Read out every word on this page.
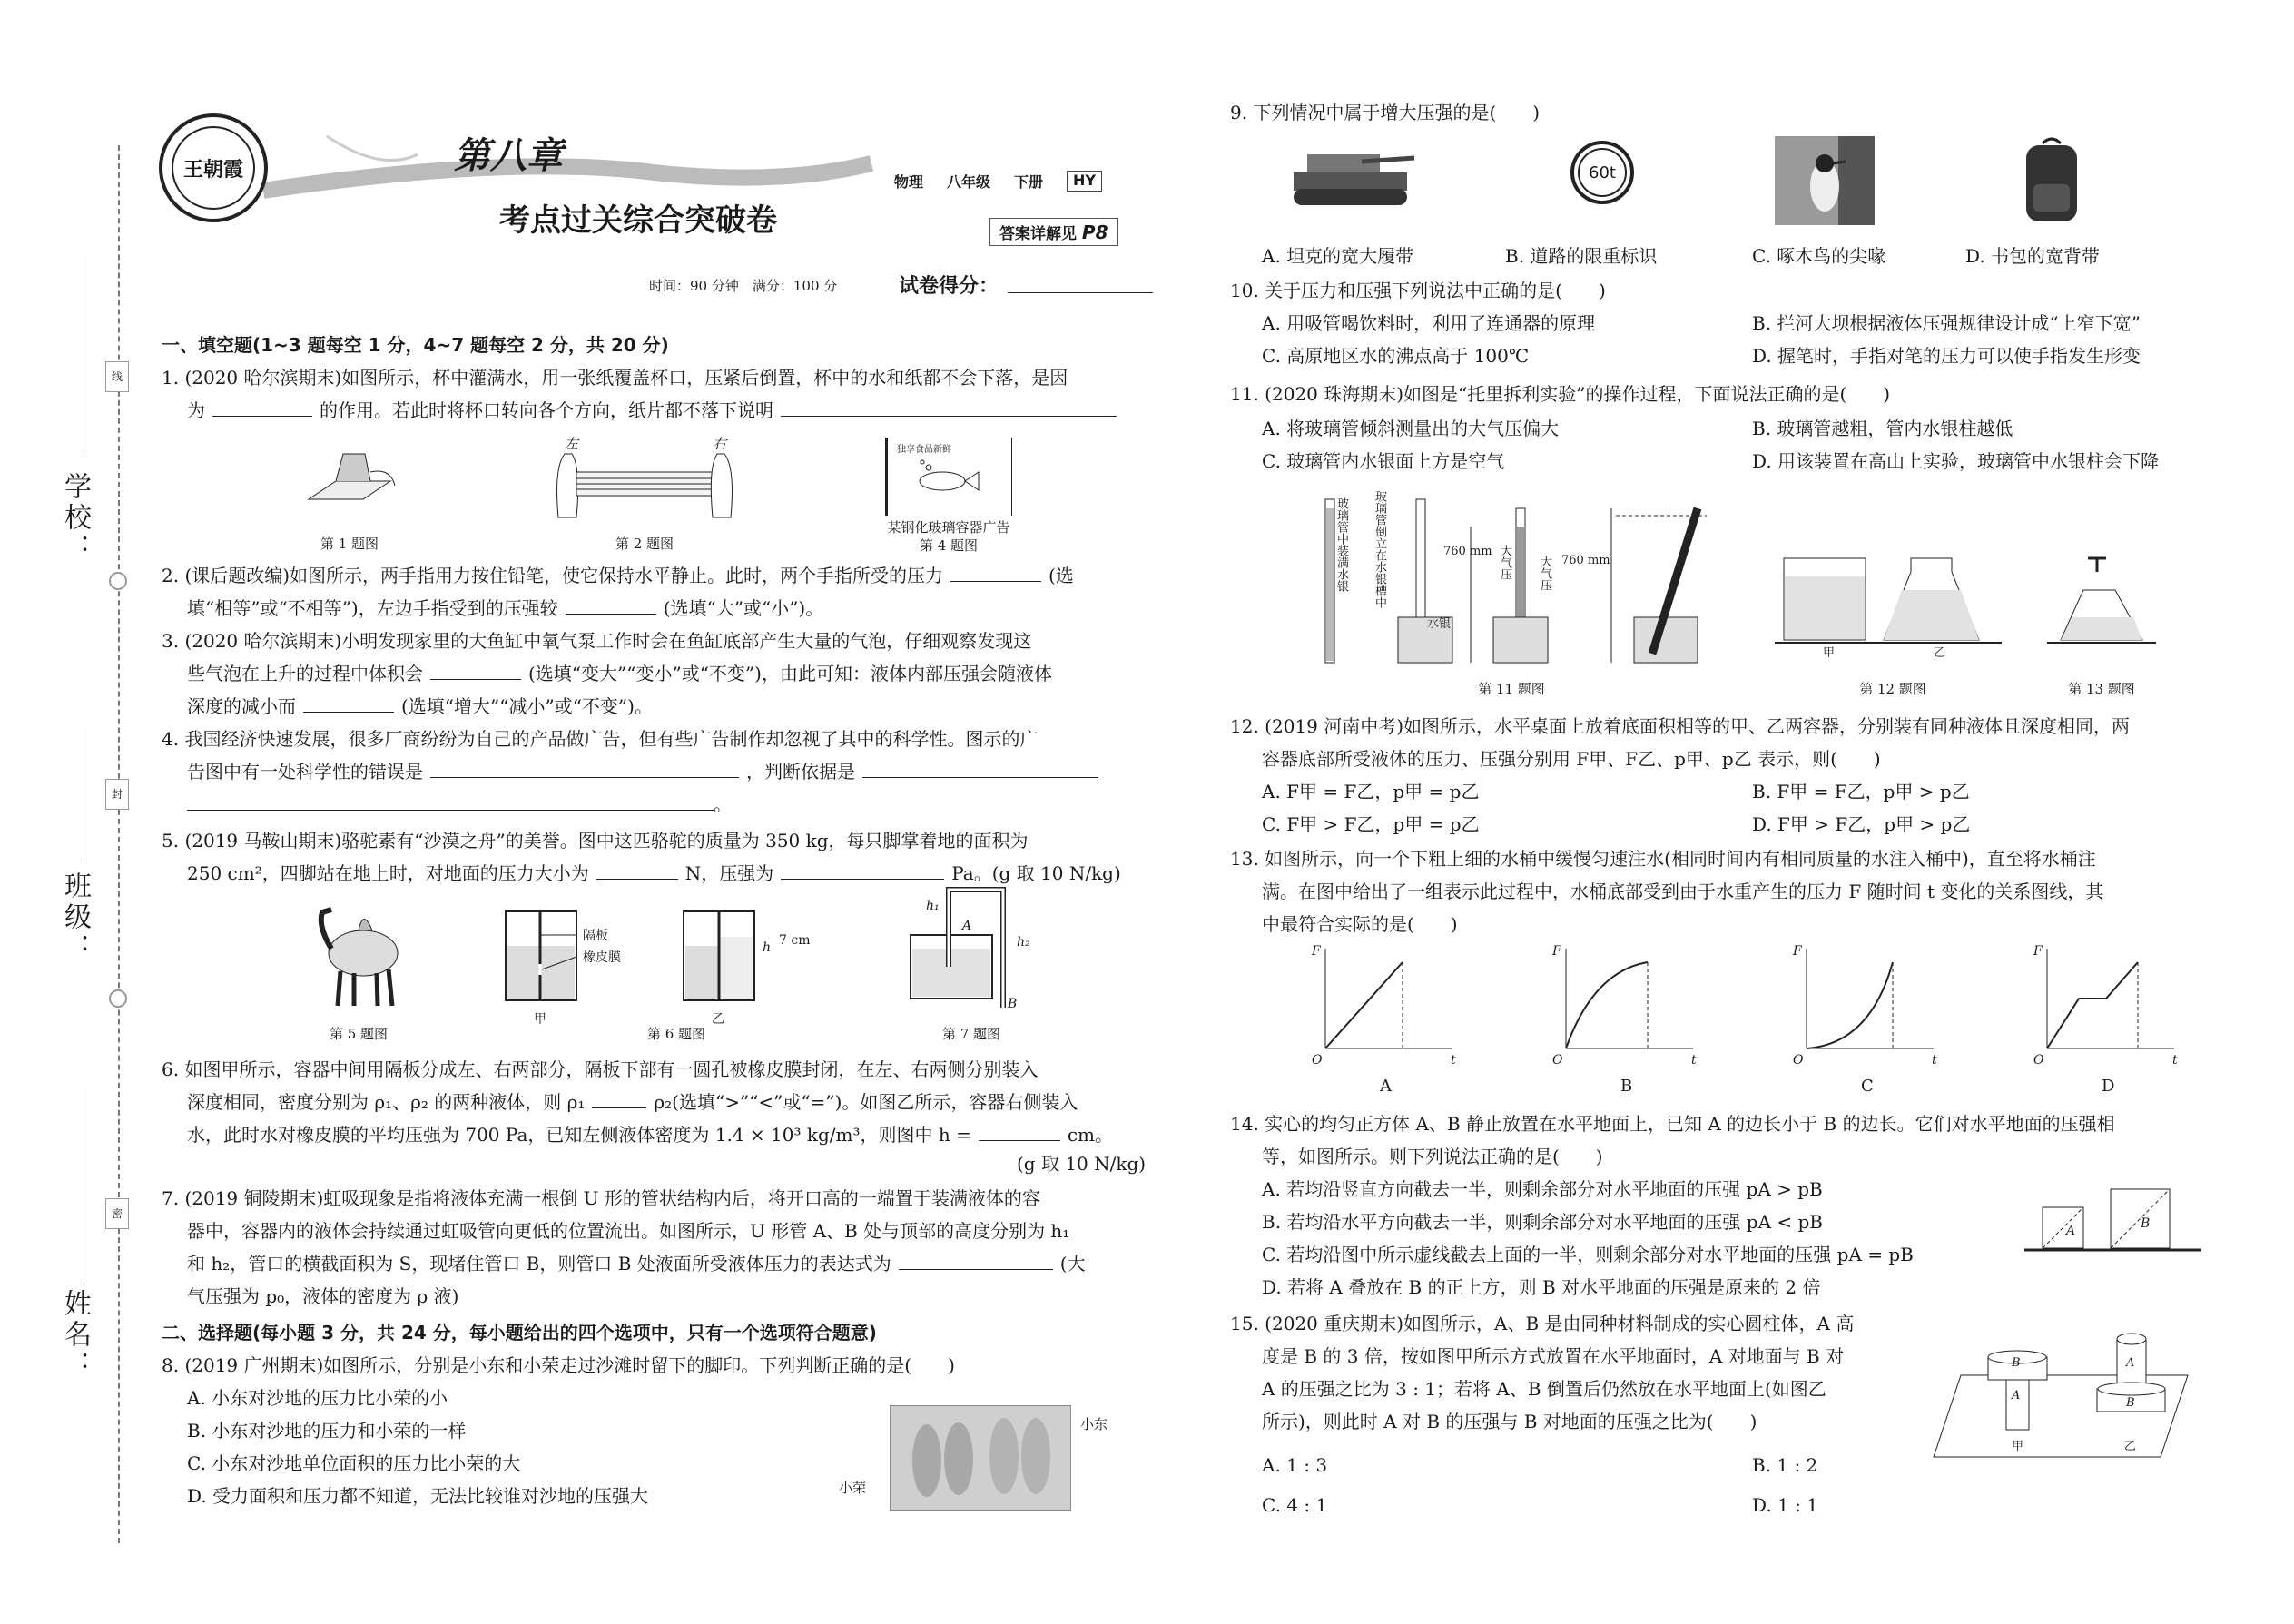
学校：
班级：
姓名：
线
封
密
王朝霞	第八章
考点过关综合突破卷
物理 八年级 下册	HY
答案详解见 P8
时间：90 分钟　满分：100 分	试卷得分：
一、填空题(1~3 题每空 1 分，4~7 题每空 2 分，共 20 分)
1. (2020 哈尔滨期末)如图所示，杯中灌满水，用一张纸覆盖杯口，压紧后倒置，杯中的水和纸都不会下落，是因
为	的作用。若此时将杯口转向各个方向，纸片都不落下说明
第 1 题图
左	右
第 2 题图
独享食品新鲜
某钢化玻璃容器广告
第 4 题图
2. (课后题改编)如图所示，两手指用力按住铅笔，使它保持水平静止。此时，两个手指所受的压力	(选
填“相等”或“不相等”)，左边手指受到的压强较	(选填“大”或“小”)。
3. (2020 哈尔滨期末)小明发现家里的大鱼缸中氧气泵工作时会在鱼缸底部产生大量的气泡，仔细观察发现这
些气泡在上升的过程中体积会	(选填“变大”“变小”或“不变”)，由此可知：液体内部压强会随液体
深度的减小而	(选填“增大”“减小”或“不变”)。
4. 我国经济快速发展，很多厂商纷纷为自己的产品做广告，但有些广告制作却忽视了其中的科学性。图示的广
告图中有一处科学性的错误是	，判断依据是
。
5. (2019 马鞍山期末)骆驼素有“沙漠之舟”的美誉。图中这匹骆驼的质量为 350 kg，每只脚掌着地的面积为
250 cm²，四脚站在地上时，对地面的压力大小为	N，压强为	Pa。(g 取 10 N/kg)
第 5 题图
隔板
橡皮膜
甲	乙
h 7 cm
第 6 题图
h₁
h₂
A
B
第 7 题图
6. 如图甲所示，容器中间用隔板分成左、右两部分，隔板下部有一圆孔被橡皮膜封闭，在左、右两侧分别装入
深度相同，密度分别为 ρ₁、ρ₂ 的两种液体，则 ρ₁	ρ₂(选填“>”“<”或“=”)。如图乙所示，容器右侧装入
水，此时水对橡皮膜的平均压强为 700 Pa，已知左侧液体密度为 1.4 × 10³ kg/m³，则图中 h =	cm。
(g 取 10 N/kg)
7. (2019 铜陵期末)虹吸现象是指将液体充满一根倒 U 形的管状结构内后，将开口高的一端置于装满液体的容
器中，容器内的液体会持续通过虹吸管向更低的位置流出。如图所示，U 形管 A、B 处与顶部的高度分别为 h₁
和 h₂，管口的横截面积为 S，现堵住管口 B，则管口 B 处液面所受液体压力的表达式为	(大
气压强为 p₀，液体的密度为 ρ 液)
二、选择题(每小题 3 分，共 24 分，每小题给出的四个选项中，只有一个选项符合题意)
8. (2019 广州期末)如图所示，分别是小东和小荣走过沙滩时留下的脚印。下列判断正确的是(　　)
A. 小东对沙地的压力比小荣的小
B. 小东对沙地的压力和小荣的一样
C. 小东对沙地单位面积的压力比小荣的大
D. 受力面积和压力都不知道，无法比较谁对沙地的压强大
小东
小荣
9. 下列情况中属于增大压强的是(　　)
60t
A. 坦克的宽大履带	B. 道路的限重标识	C. 啄木鸟的尖喙	D. 书包的宽背带
10. 关于压力和压强下列说法中正确的是(　　)
A. 用吸管喝饮料时，利用了连通器的原理	B. 拦河大坝根据液体压强规律设计成“上窄下宽”
C. 高原地区水的沸点高于 100℃	D. 握笔时，手指对笔的压力可以使手指发生形变
11. (2020 珠海期末)如图是“托里拆利实验”的操作过程，下面说法正确的是(　　)
A. 将玻璃管倾斜测量出的大气压偏大	B. 玻璃管越粗，管内水银柱越低
C. 玻璃管内水银面上方是空气	D. 用该装置在高山上实验，玻璃管中水银柱会下降
玻璃管中装满水银 玻璃管倒立在水银槽中
水银
760 mm 大气压 大气压 760 mm
第 11 题图
甲	乙
第 12 题图	第 13 题图
12. (2019 河南中考)如图所示，水平桌面上放着底面积相等的甲、乙两容器，分别装有同种液体且深度相同，两
容器底部所受液体的压力、压强分别用 F甲、F乙、p甲、p乙 表示，则(　　)
A. F甲 = F乙，p甲 = p乙	B. F甲 = F乙，p甲 > p乙
C. F甲 > F乙，p甲 = p乙	D. F甲 > F乙，p甲 > p乙
13. 如图所示，向一个下粗上细的水桶中缓慢匀速注水(相同时间内有相同质量的水注入桶中)，直至将水桶注
满。在图中给出了一组表示此过程中，水桶底部受到由于水重产生的压力 F 随时间 t 变化的关系图线，其
中最符合实际的是(　　)
F
O	t
A
F
O	t
B
F
O	t
C
F
O	t
D
14. 实心的均匀正方体 A、B 静止放置在水平地面上，已知 A 的边长小于 B 的边长。它们对水平地面的压强相
等，如图所示。则下列说法正确的是(　　)
A. 若均沿竖直方向截去一半，则剩余部分对水平地面的压强 pA > pB
B. 若均沿水平方向截去一半，则剩余部分对水平地面的压强 pA < pB
C. 若均沿图中所示虚线截去上面的一半，则剩余部分对水平地面的压强 pA = pB
D. 若将 A 叠放在 B 的正上方，则 B 对水平地面的压强是原来的 2 倍
A	B
15. (2020 重庆期末)如图所示，A、B 是由同种材料制成的实心圆柱体，A 高
度是 B 的 3 倍，按如图甲所示方式放置在水平地面时，A 对地面与 B 对
A 的压强之比为 3 : 1；若将 A、B 倒置后仍然放在水平地面上(如图乙
所示)，则此时 A 对 B 的压强与 B 对地面的压强之比为(　　)
A. 1 : 3	B. 1 : 2
C. 4 : 1	D. 1 : 1
B
A
甲
A
B
乙
